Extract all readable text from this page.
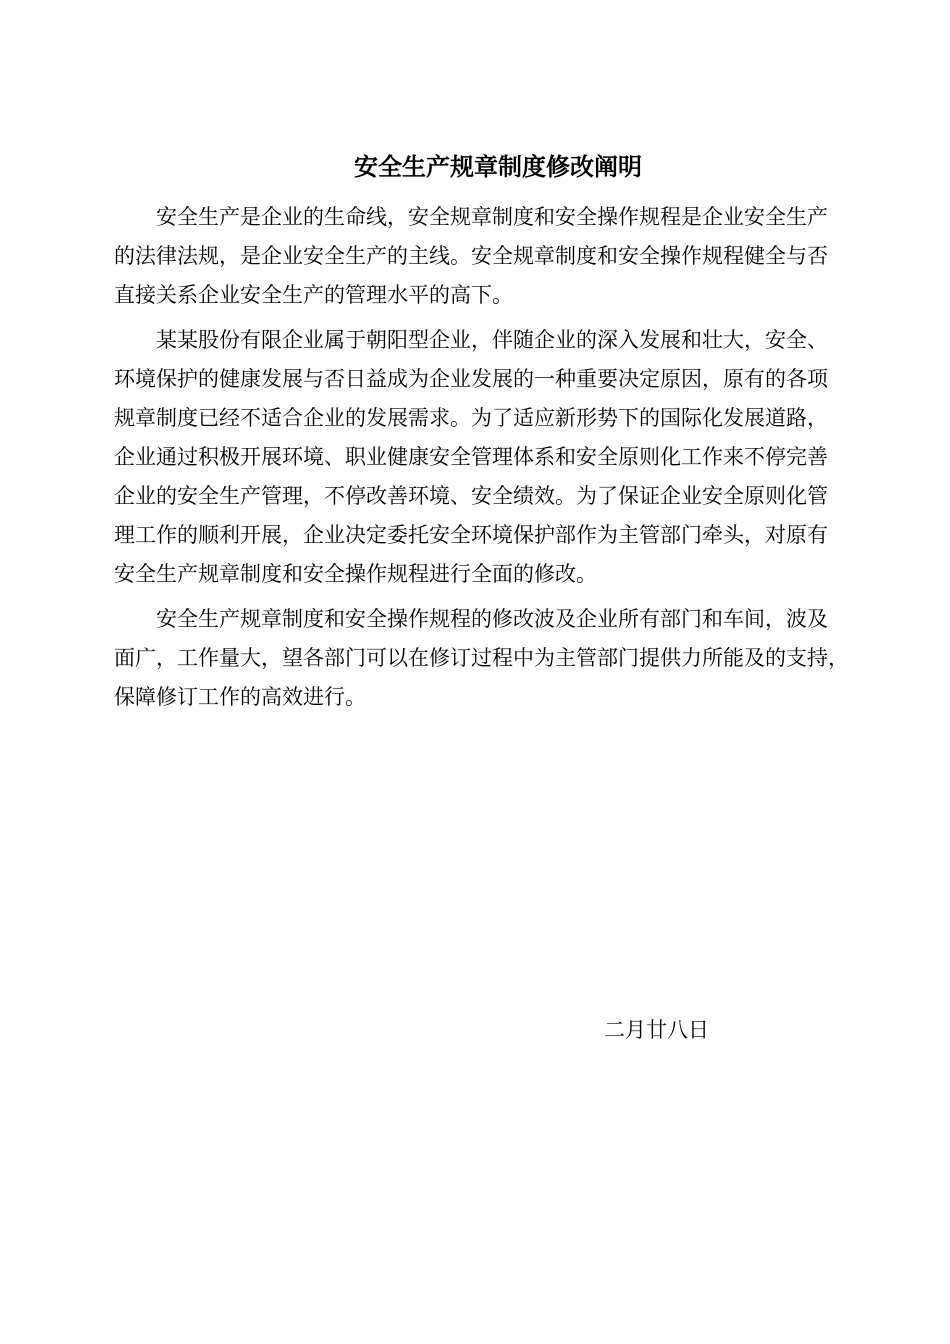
安全生产规章制度修改阐明
安全生产是企业的生命线，安全规章制度和安全操作规程是企业安全生产
的法律法规，是企业安全生产的主线。安全规章制度和安全操作规程健全与否
直接关系企业安全生产的管理水平的高下。
某某股份有限企业属于朝阳型企业，伴随企业的深入发展和壮大，安全、
环境保护的健康发展与否日益成为企业发展的一种重要决定原因，原有的各项
规章制度已经不适合企业的发展需求。为了适应新形势下的国际化发展道路，
企业通过积极开展环境、职业健康安全管理体系和安全原则化工作来不停完善
企业的安全生产管理，不停改善环境、安全绩效。为了保证企业安全原则化管
理工作的顺利开展，企业决定委托安全环境保护部作为主管部门牵头，对原有
安全生产规章制度和安全操作规程进行全面的修改。
安全生产规章制度和安全操作规程的修改波及企业所有部门和车间，波及
面广，工作量大，望各部门可以在修订过程中为主管部门提供力所能及的支持，
保障修订工作的高效进行。
二月廿八日
